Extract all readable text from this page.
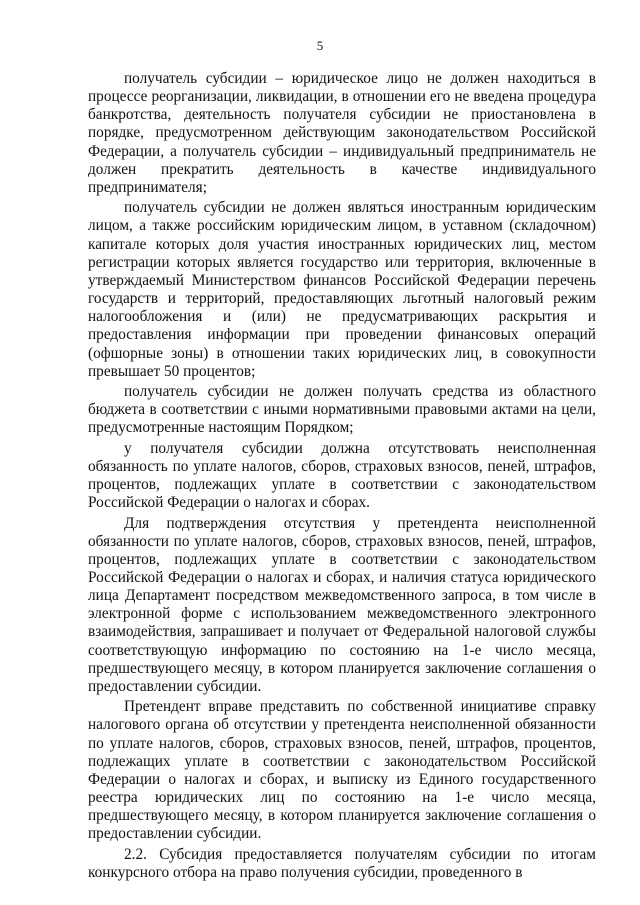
5

получатель субсидии – юридическое лицо не должен находиться в процессе реорганизации, ликвидации, в отношении его не введена процедура банкротства, деятельность получателя субсидии не приостановлена в порядке, предусмотренном действующим законодательством Российской Федерации, а получатель субсидии – индивидуальный предприниматель не должен прекратить деятельность в качестве индивидуального предпринимателя;

получатель субсидии не должен являться иностранным юридическим лицом, а также российским юридическим лицом, в уставном (складочном) капитале которых доля участия иностранных юридических лиц, местом регистрации которых является государство или территория, включенные в утверждаемый Министерством финансов Российской Федерации перечень государств и территорий, предоставляющих льготный налоговый режим налогообложения и (или) не предусматривающих раскрытия и предоставления информации при проведении финансовых операций (офшорные зоны) в отношении таких юридических лиц, в совокупности превышает 50 процентов;

получатель субсидии не должен получать средства из областного бюджета в соответствии с иными нормативными правовыми актами на цели, предусмотренные настоящим Порядком;

у получателя субсидии должна отсутствовать неисполненная обязанность по уплате налогов, сборов, страховых взносов, пеней, штрафов, процентов, подлежащих уплате в соответствии с законодательством Российской Федерации о налогах и сборах.

Для подтверждения отсутствия у претендента неисполненной обязанности по уплате налогов, сборов, страховых взносов, пеней, штрафов, процентов, подлежащих уплате в соответствии с законодательством Российской Федерации о налогах и сборах, и наличия статуса юридического лица Департамент посредством межведомственного запроса, в том числе в электронной форме с использованием межведомственного электронного взаимодействия, запрашивает и получает от Федеральной налоговой службы соответствующую информацию по состоянию на 1-е число месяца, предшествующего месяцу, в котором планируется заключение соглашения о предоставлении субсидии.

Претендент вправе представить по собственной инициативе справку налогового органа об отсутствии у претендента неисполненной обязанности по уплате налогов, сборов, страховых взносов, пеней, штрафов, процентов, подлежащих уплате в соответствии с законодательством Российской Федерации о налогах и сборах, и выписку из Единого государственного реестра юридических лиц по состоянию на 1-е число месяца, предшествующего месяцу, в котором планируется заключение соглашения о предоставлении субсидии.

2.2. Субсидия предоставляется получателям субсидии по итогам конкурсного отбора на право получения субсидии, проведенного в
